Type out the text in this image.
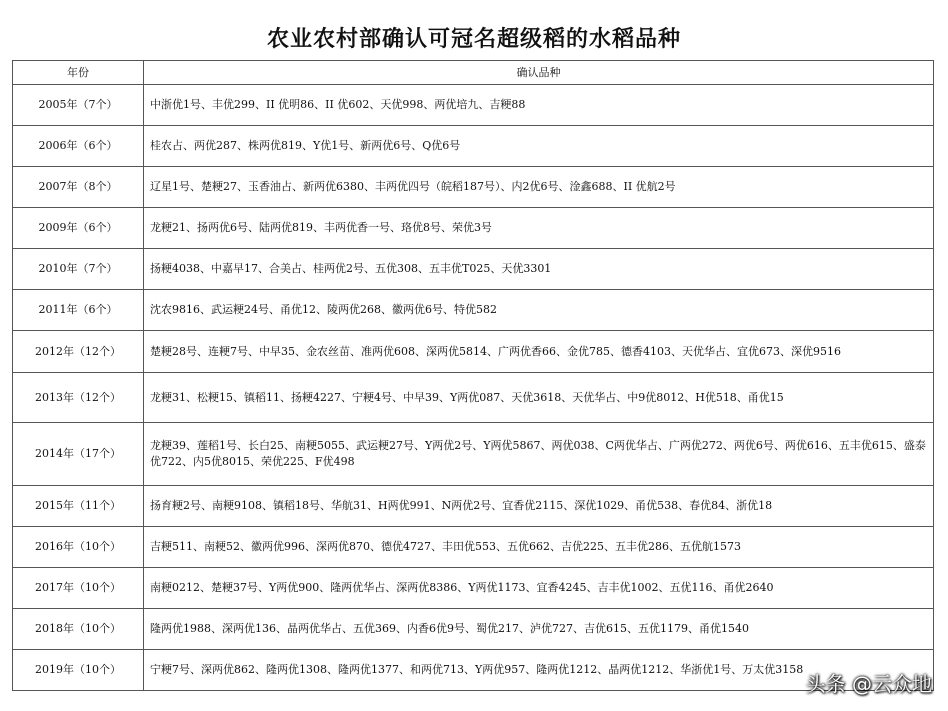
农业农村部确认可冠名超级稻的水稻品种
年份	确认品种
2005年（7个）	中浙优1号、丰优299、II 优明86、II 优602、天优998、两优培九、吉粳88
2006年（6个）	桂农占、两优287、株两优819、Y优1号、新两优6号、Q优6号
2007年（8个）	辽星1号、楚粳27、玉香油占、新两优6380、丰两优四号（皖稻187号）、内2优6号、淦鑫688、II 优航2号
2009年（6个）	龙粳21、扬两优6号、陆两优819、丰两优香一号、珞优8号、荣优3号
2010年（7个）	扬粳4038、中嘉早17、合美占、桂两优2号、五优308、五丰优T025、天优3301
2011年（6个）	沈农9816、武运粳24号、甬优12、陵两优268、徽两优6号、特优582
2012年（12个）	楚粳28号、连粳7号、中早35、金农丝苗、准两优608、深两优5814、广两优香66、金优785、德香4103、天优华占、宜优673、深优9516
2013年（12个）	龙粳31、松粳15、镇稻11、扬粳4227、宁粳4号、中早39、Y两优087、天优3618、天优华占、中9优8012、H优518、甬优15
2014年（17个）	龙粳39、莲稻1号、长白25、南粳5055、武运粳27号、Y两优2号、Y两优5867、两优038、C两优华占、广两优272、两优6号、两优616、五丰优615、盛泰优722、内5优8015、荣优225、F优498
2015年（11个）	扬育粳2号、南粳9108、镇稻18号、华航31、H两优991、N两优2号、宜香优2115、深优1029、甬优538、春优84、浙优18
2016年（10个）	吉粳511、南粳52、徽两优996、深两优870、德优4727、丰田优553、五优662、吉优225、五丰优286、五优航1573
2017年（10个）	南粳0212、楚粳37号、Y两优900、隆两优华占、深两优8386、Y两优1173、宜香4245、吉丰优1002、五优116、甬优2640
2018年（10个）	隆两优1988、深两优136、晶两优华占、五优369、内香6优9号、蜀优217、泸优727、吉优615、五优1179、甬优1540
2019年（10个）	宁粳7号、深两优862、隆两优1308、隆两优1377、和两优713、Y两优957、隆两优1212、晶两优1212、华浙优1号、万太优3158
头条 @云众地
